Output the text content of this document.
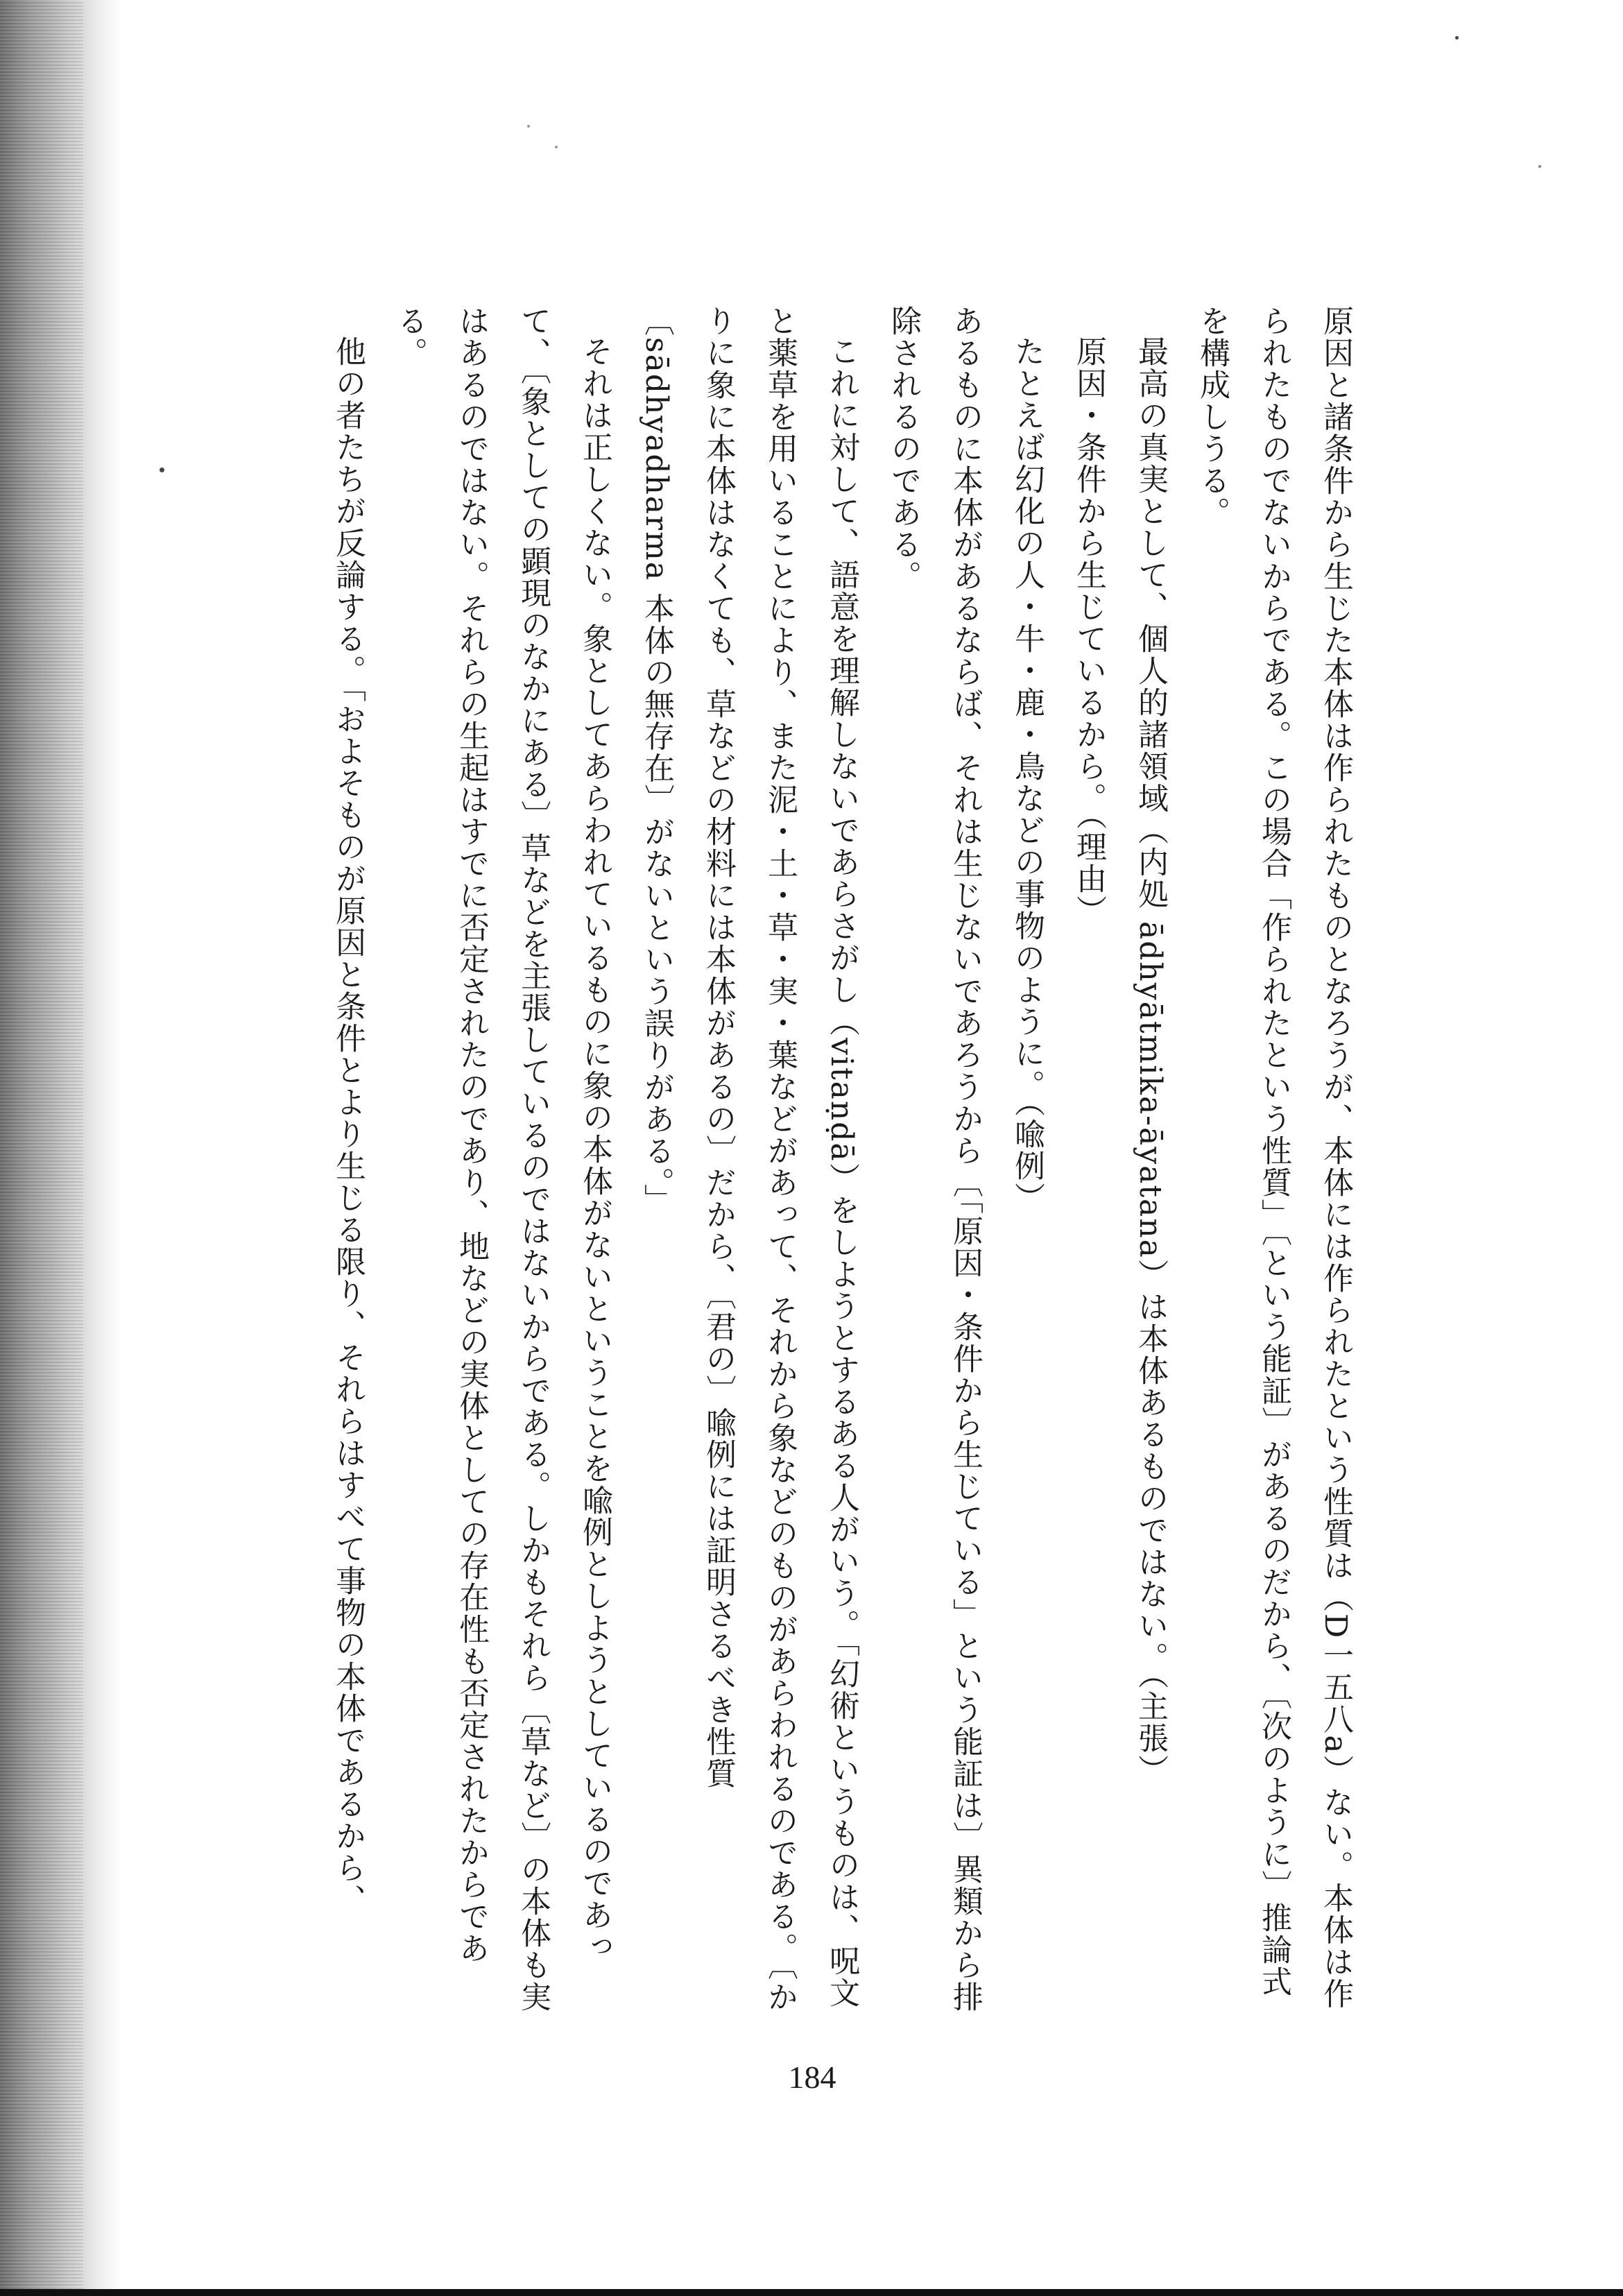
原因と諸条件から生じた本体は作られたものとなろうが、本体には作られたという性質は（D一五八a）ない。本体は作られたものでないからである。この場合「作られたという性質」〔という能証〕があるのだから、〔次のように〕推論式を構成しうる。

最高の真実として、個人的諸領域（内処 ādhyātmika-āyatana）は本体あるものではない。（主張）

原因・条件から生じているから。（理由）

たとえば幻化の人・牛・鹿・鳥などの事物のように。（喩例）

あるものに本体があるならば、それは生じないであろうから〔「原因・条件から生じている」という能証は〕異類から排除されるのである。

これに対して、語意を理解しないであらさがし（vitaṇḍā）をしようとするある人がいう。「幻術というものは、呪文と薬草を用いることにより、また泥・土・草・実・葉などがあって、それから象などのものがあらわれるのである。〔かりに象に本体はなくても、草などの材料には本体があるの〕だから、〔君の〕喩例には証明さるべき性質〔sādhyadharma 本体の無存在〕がないという誤りがある。」

それは正しくない。象としてあらわれているものに象の本体がないということを喩例としようとしているのであって、〔象としての顕現のなかにある〕草などを主張しているのではないからである。しかもそれら〔草など〕の本体も実はあるのではない。それらの生起はすでに否定されたのであり、地などの実体としての存在性も否定されたからである。

他の者たちが反論する。「およそものが原因と条件とより生じる限り、それらはすべて事物の本体であるから、

184
